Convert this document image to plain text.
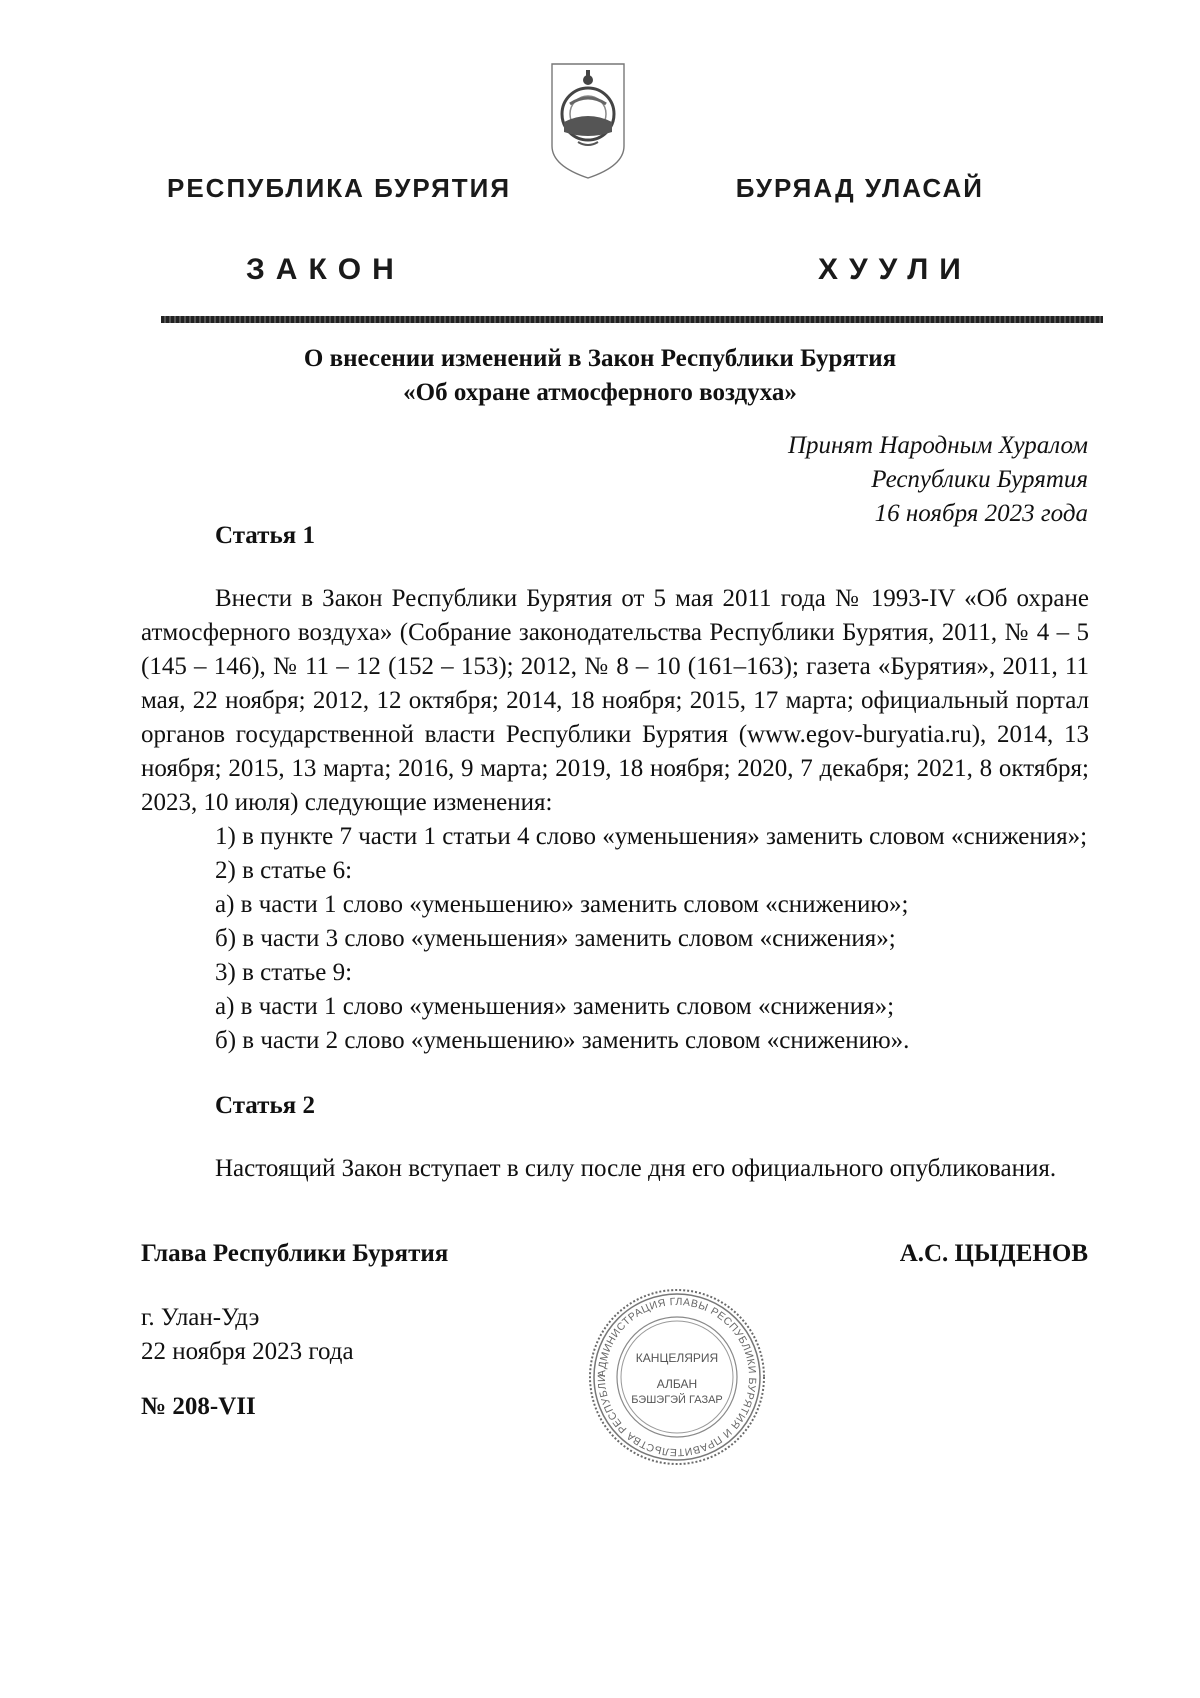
РЕСПУБЛИКА БУРЯТИЯ	БУРЯАД УЛАСАЙ
ЗАКОН	ХУУЛИ
О внесении изменений в Закон Республики Бурятия
«Об охране атмосферного воздуха»
Принят Народным Хуралом
Республики Бурятия
16 ноября 2023 года
Статья 1

Внести в Закон Республики Бурятия от 5 мая 2011 года № 1993-IV «Об охране атмосферного воздуха» (Собрание законодательства Республики Бурятия, 2011, № 4 – 5 (145 – 146), № 11 – 12 (152 – 153); 2012, № 8 – 10 (161–163); газета «Бурятия», 2011, 11 мая, 22 ноября; 2012, 12 октября; 2014, 18 ноября; 2015, 17 марта; официальный портал органов государственной власти Республики Бурятия (www.egov-buryatia.ru), 2014, 13 ноября; 2015, 13 марта; 2016, 9 марта; 2019, 18 ноября; 2020, 7 декабря; 2021, 8 октября; 2023, 10 июля) следующие изменения:

1) в пункте 7 части 1 статьи 4 слово «уменьшения» заменить словом «снижения»;

2) в статье 6:

а) в части 1 слово «уменьшению» заменить словом «снижению»;

б) в части 3 слово «уменьшения» заменить словом «снижения»;

3) в статье 9:

а) в части 1 слово «уменьшения» заменить словом «снижения»;

б) в части 2 слово «уменьшению» заменить словом «снижению».

Статья 2

Настоящий Закон вступает в силу после дня его официального опубликования.

Глава Республики Бурятия	А.С. ЦЫДЕНОВ
г. Улан-Удэ
22 ноября 2023 года
№ 208-VII
АДМИНИСТРАЦИЯ ГЛАВЫ РЕСПУБЛИКИ БУРЯТИЯ И ПРАВИТЕЛЬСТВА РЕСПУБЛИ
КАНЦЕЛЯРИЯ
АЛБАН
БЭШЭГЭЙ ГАЗАР
